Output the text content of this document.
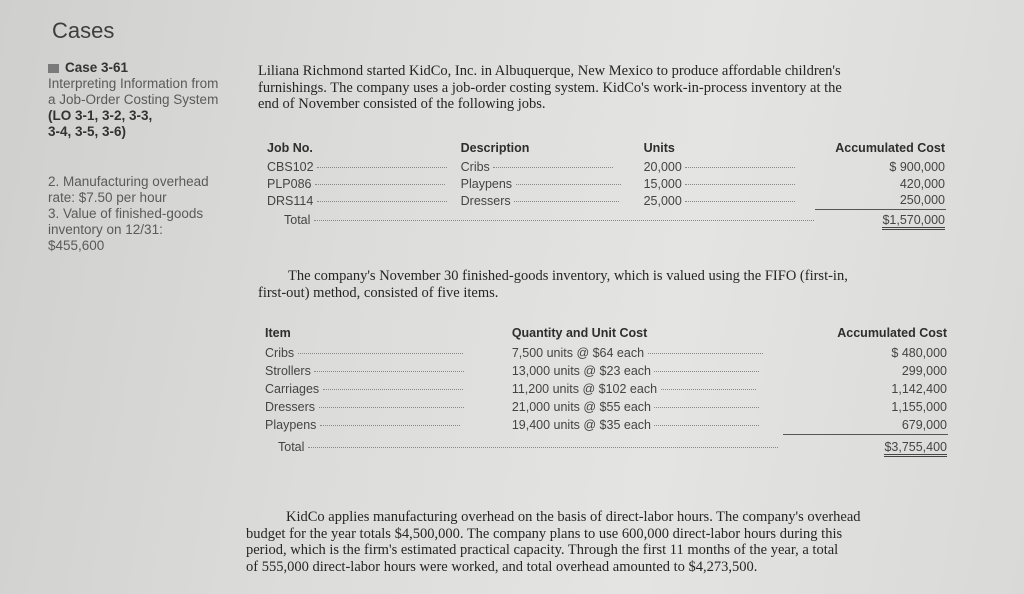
Cases
Case 3-61
Interpreting Information from
a Job-Order Costing System
(LO 3-1, 3-2, 3-3,
3-4, 3-5, 3-6)
2. Manufacturing overhead
rate: $7.50 per hour
3. Value of finished-goods
inventory on 12/31:
$455,600
Liliana Richmond started KidCo, Inc. in Albuquerque, New Mexico to produce affordable children's
furnishings. The company uses a job-order costing system. KidCo's work-in-process inventory at the
end of November consisted of the following jobs.
Job No.	Description	Units	Accumulated Cost
CBS102	Cribs	20,000	$ 900,000
PLP086	Playpens	15,000	420,000
DRS114	Dressers	25,000	250,000
Total			$1,570,000
The company's November 30 finished-goods inventory, which is valued using the FIFO (first-in,
first-out) method, consisted of five items.
Item	Quantity and Unit Cost	Accumulated Cost
Cribs	7,500 units @ $64 each	$ 480,000
Strollers	13,000 units @ $23 each	299,000
Carriages	11,200 units @ $102 each	1,142,400
Dressers	21,000 units @ $55 each	1,155,000
Playpens	19,400 units @ $35 each	679,000
Total		$3,755,400
KidCo applies manufacturing overhead on the basis of direct-labor hours. The company's overhead
budget for the year totals $4,500,000. The company plans to use 600,000 direct-labor hours during this
period, which is the firm's estimated practical capacity. Through the first 11 months of the year, a total
of 555,000 direct-labor hours were worked, and total overhead amounted to $4,273,500.
